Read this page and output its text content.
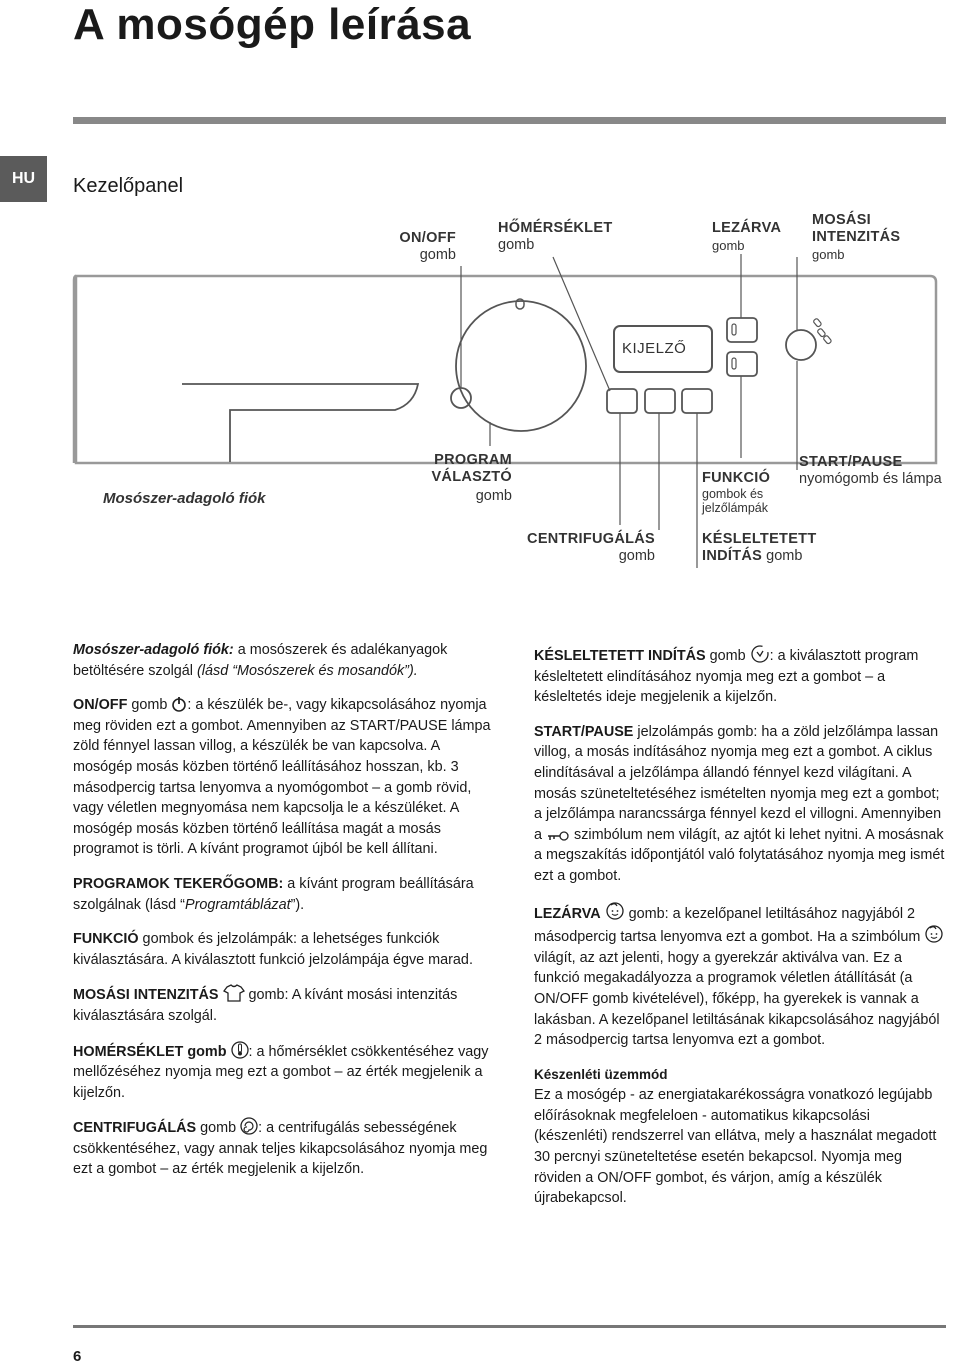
A mosógép leírása
HU	Kezelőpanel
ON/OFF
gomb
HŐMÉRSÉKLET
gomb
LEZÁRVA
gomb
MOSÁSI
INTENZITÁS
gomb
KIJELZŐ
Mosószer-adagoló fiók
PROGRAM
VÁLASZTÓ
gomb
FUNKCIÓ
gombok és
jelzőlámpák
START/PAUSE
nyomógomb és lámpa
CENTRIFUGÁLÁS
gomb
KÉSLELTETETT
INDÍTÁS gomb

Mosószer-adagoló fiók: a mosószerek és adalékanyagok betöltésére szolgál (lásd “Mosószerek és mosandók”).

ON/OFF gomb : a készülék be-, vagy kikapcsolásához nyomja meg röviden ezt a gombot. Amennyiben az START/PAUSE lámpa zöld fénnyel lassan villog, a készülék be van kapcsolva. A mosógép mosás közben történő leállításához hosszan, kb. 3 másodpercig tartsa lenyomva a nyomógombot – a gomb rövid, vagy véletlen megnyomása nem kapcsolja le a készüléket. A mosógép mosás közben történő leállítása magát a mosás programot is törli. A kívánt programot újból be kell állítani.

PROGRAMOK TEKERŐGOMB: a kívánt program beállítására szolgálnak (lásd “Programtáblázat”).

FUNKCIÓ gombok és jelzolámpák: a lehetséges funkciók kiválasztására. A kiválasztott funkció jelzolámpája égve marad.

MOSÁSI INTENZITÁS  gomb: A kívánt mosási intenzitás kiválasztására szolgál.

HOMÉRSÉKLET gomb : a hőmérséklet csökkentéséhez vagy mellőzéséhez nyomja meg ezt a gombot – az érték megjelenik a kijelzőn.

CENTRIFUGÁLÁS gomb : a centrifugálás sebességének csökkentéséhez, vagy annak teljes kikapcsolásához nyomja meg ezt a gombot – az érték megjelenik a kijelzőn.

KÉSLELTETETT INDÍTÁS gomb : a kiválasztott program késleltetett elindításához nyomja meg ezt a gombot – a késleltetés ideje megjelenik a kijelzőn.

START/PAUSE jelzolámpás gomb: ha a zöld jelzőlámpa lassan villog, a mosás indításához nyomja meg ezt a gombot. A ciklus elindításával a jelzőlámpa állandó fénnyel kezd világítani. A mosás szüneteltetéséhez ismételten nyomja meg ezt a gombot; a jelzőlámpa narancssárga fénnyel kezd el villogni. Amennyiben a  szimbólum nem világít, az ajtót ki lehet nyitni. A mosásnak a megszakítás időpontjától való folytatásához nyomja meg ismét ezt a gombot.

LEZÁRVA  gomb: a kezelőpanel letiltásához nagyjából 2 másodpercig tartsa lenyomva ezt a gombot. Ha a szimbólum  világít, az azt jelenti, hogy a gyerekzár aktiválva van. Ez a funkció megakadályozza a programok véletlen átállítását (a ON/OFF gomb kivételével), főképp, ha gyerekek is vannak a lakásban. A kezelőpanel letiltásának kikapcsolásához nagyjából 2 másodpercig tartsa lenyomva ezt a gombot.

Készenléti üzemmód

Ez a mosógép - az energiatakarékosságra vonatkozó legújabb előírásoknak megfeleloen - automatikus kikapcsolási (készenléti) rendszerrel van ellátva, mely a használat megadott 30 percnyi szüneteltetése esetén bekapcsol. Nyomja meg röviden a ON/OFF gombot, és várjon, amíg a készülék újrabekapcsol.

6
